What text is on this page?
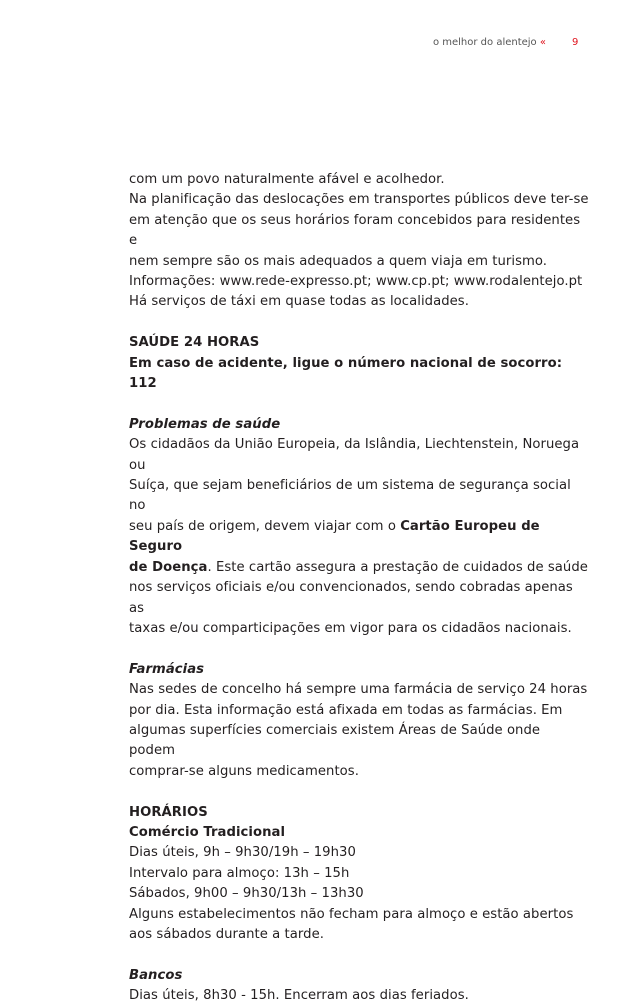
o melhor do alentejo «	9

com um povo naturalmente afável e acolhedor.

Na planificação das deslocações em transportes públicos deve ter-se

em atenção que os seus horários foram concebidos para residentes e

nem sempre são os mais adequados a quem viaja em turismo.

Informações: www.rede-expresso.pt; www.cp.pt; www.rodalentejo.pt

Há serviços de táxi em quase todas as localidades.

SAÚDE 24 HORAS

Em caso de acidente, ligue o número nacional de socorro: 112

Problemas de saúde

Os cidadãos da União Europeia, da Islândia, Liechtenstein, Noruega ou

Suíça, que sejam beneficiários de um sistema de segurança social no

seu país de origem, devem viajar com o Cartão Europeu de Seguro

de Doença. Este cartão assegura a prestação de cuidados de saúde

nos serviços oficiais e/ou convencionados, sendo cobradas apenas as

taxas e/ou comparticipações em vigor para os cidadãos nacionais.

Farmácias

Nas sedes de concelho há sempre uma farmácia de serviço 24 horas

por dia. Esta informação está afixada em todas as farmácias. Em

algumas superfícies comerciais existem Áreas de Saúde onde podem

comprar-se alguns medicamentos.

HORÁRIOS

Comércio Tradicional

Dias úteis, 9h – 9h30/19h – 19h30

Intervalo para almoço: 13h – 15h

Sábados, 9h00 – 9h30/13h – 13h30

Alguns estabelecimentos não fecham para almoço e estão abertos

aos sábados durante a tarde.

Bancos

Dias úteis, 8h30 - 15h. Encerram aos dias feriados.
